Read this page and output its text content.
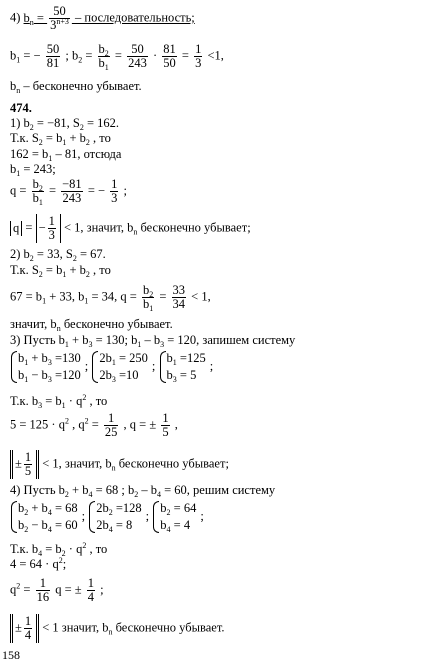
4) $b_n = \frac{50}{3^{n+3}}$ – последовательность;
$b_1$ = − $\frac{50}{81}$ ; $b_2 = \frac{b_2}{b_1} = \frac{50}{243} \cdot \frac{81}{50} = \frac{1}{3} <1$,
$b_n$ – бесконечно убывает.
474.
1) $b_2 = -81$, $S_2 = 162$.
Т.к. $S_2 = b_1 + b_2$ , то
$162 = b_1 - 81$, отсюда
$b_1 = 243$;
$q = \frac{b_2}{b_1} = \frac{-81}{243}$ = − $\frac{1}{3}$ ;
q = − $\frac{1}{3} < 1$, значит, $b_n$ бесконечно убывает;
2) $b_2 = 33$, $S_2 = 67$.
Т.к. $S_2 = b_1 + b_2$ , то
$67 = b_1 + 33$, $b_1 = 34$, $q = \frac{b_2}{b_1} = \frac{33}{34} < 1$,
значит, $b_n$ бесконечно убывает.
3) Пусть $b_1 + b_3 = 130$; $b_1 - b_3 = 120$, запишем систему
$b_1 + b_3 =130$
$b_1 - b_3 =120$
;
$2b_1 = 250$
$2b_3 =10$
;
$b_1 =125$
$b_3 = 5$
;
Т.к. $b_3 = b_1 \cdot q^2$ , то
$5 = 125 \cdot q^2$ , $q^2 = \frac{1}{25}$ , q = ± $\frac{1}{5}$ ,
± $\frac{1}{5} < 1$, значит, $b_n$ бесконечно убывает;
4) Пусть $b_2 + b_4 = 68$ ; $b_2 - b_4 = 60$, решим систему
$b_2 + b_4 = 68$
$b_2 - b_4 = 60$
;
$2b_2 =128$
$2b_4 = 8$
;
$b_2 = 64$
$b_4 = 4$
;
Т.к. $b_4 = b_2 \cdot q^2$ , то
$4 = 64 \cdot q^2$;
$q^2 = \frac{1}{16}$ q = ± $\frac{1}{4}$ ;
± $\frac{1}{4} < 1$ значит, $b_n$ бесконечно убывает.
158
